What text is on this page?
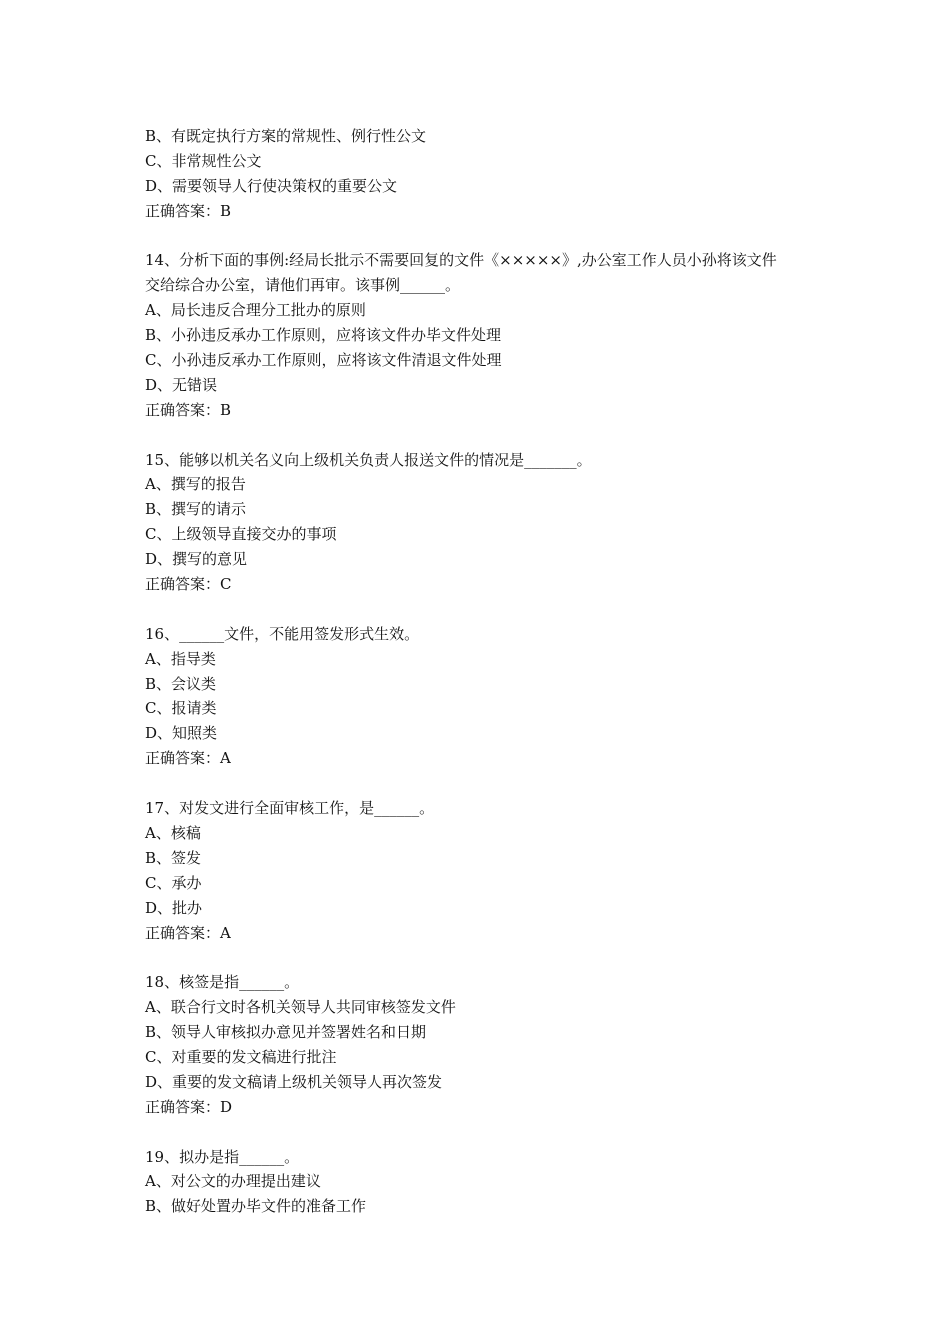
B、有既定执行方案的常规性、例行性公文
C、非常规性公文
D、需要领导人行使决策权的重要公文
正确答案：B
14、分析下面的事例:经局长批示不需要回复的文件《×××××》,办公室工作人员小孙将该文件
交给综合办公室，请他们再审。该事例______。
A、局长违反合理分工批办的原则
B、小孙违反承办工作原则，应将该文件办毕文件处理
C、小孙违反承办工作原则，应将该文件清退文件处理
D、无错误
正确答案：B
15、能够以机关名义向上级机关负责人报送文件的情况是_______。
A、撰写的报告
B、撰写的请示
C、上级领导直接交办的事项
D、撰写的意见
正确答案：C
16、______文件，不能用签发形式生效。
A、指导类
B、会议类
C、报请类
D、知照类
正确答案：A
17、对发文进行全面审核工作，是______。
A、核稿
B、签发
C、承办
D、批办
正确答案：A
18、核签是指______。
A、联合行文时各机关领导人共同审核签发文件
B、领导人审核拟办意见并签署姓名和日期
C、对重要的发文稿进行批注
D、重要的发文稿请上级机关领导人再次签发
正确答案：D
19、拟办是指______。
A、对公文的办理提出建议
B、做好处置办毕文件的准备工作
